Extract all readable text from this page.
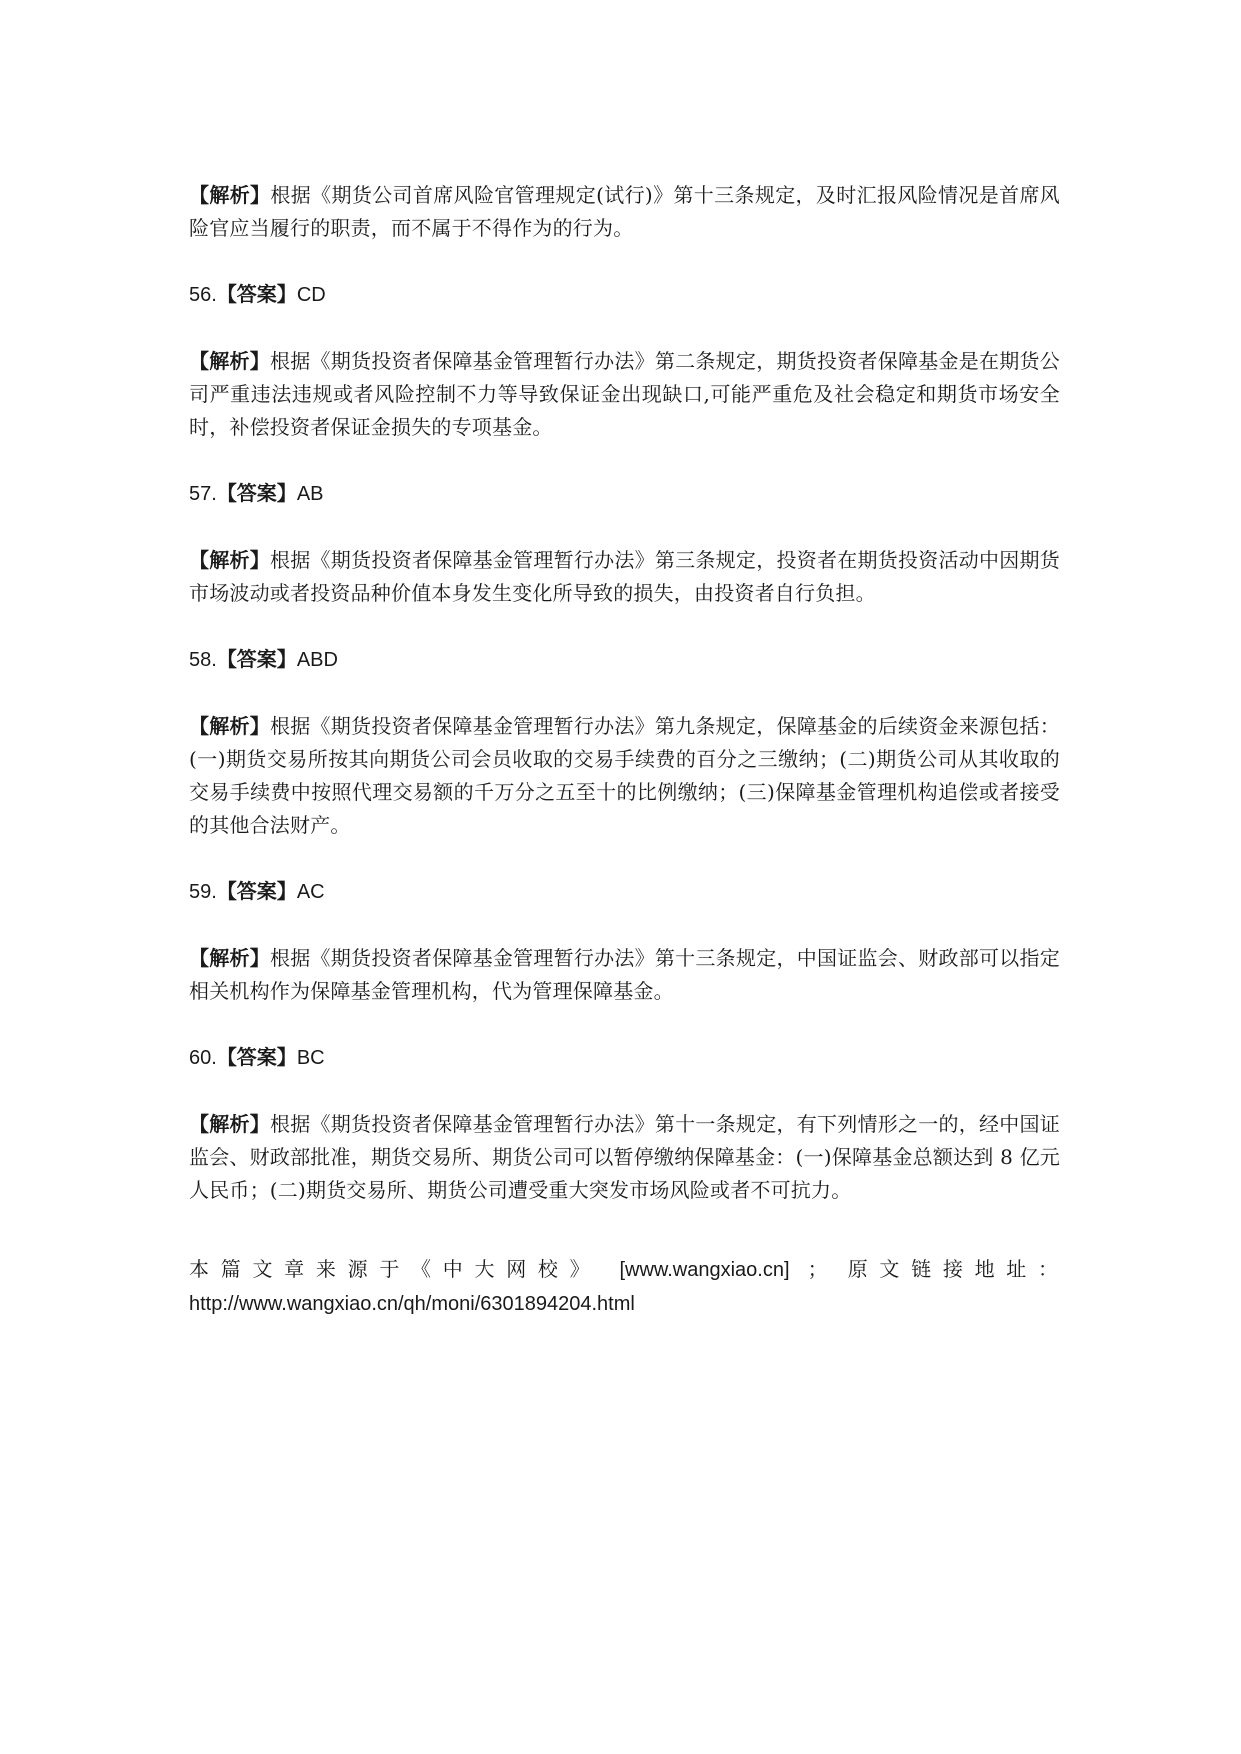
【解析】根据《期货公司首席风险官管理规定(试行)》第十三条规定，及时汇报风险情况是首席风险官应当履行的职责，而不属于不得作为的行为。

56.【答案】CD

【解析】根据《期货投资者保障基金管理暂行办法》第二条规定，期货投资者保障基金是在期货公司严重违法违规或者风险控制不力等导致保证金出现缺口,可能严重危及社会稳定和期货市场安全时，补偿投资者保证金损失的专项基金。

57.【答案】AB

【解析】根据《期货投资者保障基金管理暂行办法》第三条规定，投资者在期货投资活动中因期货市场波动或者投资品种价值本身发生变化所导致的损失，由投资者自行负担。

58.【答案】ABD

【解析】根据《期货投资者保障基金管理暂行办法》第九条规定，保障基金的后续资金来源包括：(一)期货交易所按其向期货公司会员收取的交易手续费的百分之三缴纳；(二)期货公司从其收取的交易手续费中按照代理交易额的千万分之五至十的比例缴纳；(三)保障基金管理机构追偿或者接受的其他合法财产。

59.【答案】AC

【解析】根据《期货投资者保障基金管理暂行办法》第十三条规定，中国证监会、财政部可以指定相关机构作为保障基金管理机构，代为管理保障基金。

60.【答案】BC

【解析】根据《期货投资者保障基金管理暂行办法》第十一条规定，有下列情形之一的，经中国证监会、财政部批准，期货交易所、期货公司可以暂停缴纳保障基金：(一)保障基金总额达到 8 亿元人民币；(二)期货交易所、期货公司遭受重大突发市场风险或者不可抗力。

本篇文章来源于《中大网校》 [www.wangxiao.cn] ； 原文链接地址：
http://www.wangxiao.cn/qh/moni/6301894204.html
